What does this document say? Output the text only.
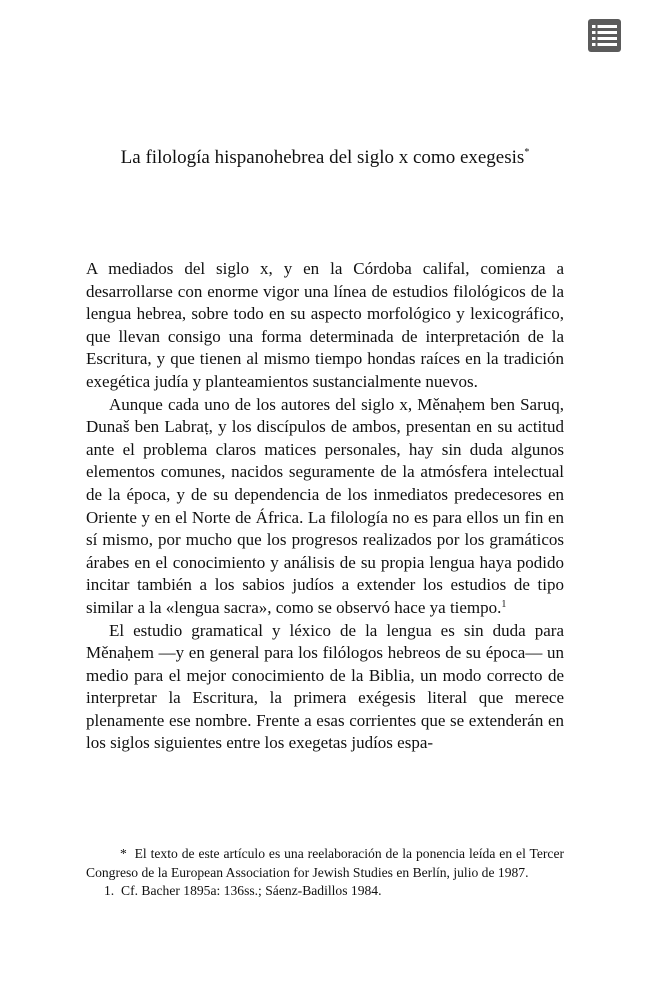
La filología hispanohebrea del siglo x como exegesis*

A mediados del siglo x, y en la Córdoba califal, comienza a desarrollarse con enorme vigor una línea de estudios filológicos de la lengua hebrea, sobre todo en su aspecto morfológico y lexicográfico, que llevan consigo una forma determinada de interpretación de la Escritura, y que tienen al mismo tiempo hondas raíces en la tradición exegética judía y planteamientos sustancialmente nuevos.

Aunque cada uno de los autores del siglo x, Měnaḥem ben Saruq, Dunaš ben Labraṭ, y los discípulos de ambos, presentan en su actitud ante el problema claros matices personales, hay sin duda algunos elementos comunes, nacidos seguramente de la atmósfera intelectual de la época, y de su dependencia de los inmediatos predecesores en Oriente y en el Norte de África. La filología no es para ellos un fin en sí mismo, por mucho que los progresos realizados por los gramáticos árabes en el conocimiento y análisis de su propia lengua haya podido incitar también a los sabios judíos a extender los estudios de tipo similar a la «lengua sacra», como se observó hace ya tiempo.$^1$

El estudio gramatical y léxico de la lengua es sin duda para Měnaḥem —y en general para los filólogos hebreos de su época— un medio para el mejor conocimiento de la Biblia, un modo correcto de interpretar la Escritura, la primera exégesis literal que merece plenamente ese nombre. Frente a esas corrientes que se extenderán en los siglos siguientes entre los exegetas judíos espa-

* El texto de este artículo es una reelaboración de la ponencia leída en el Tercer Congreso de la European Association for Jewish Studies en Berlín, julio de 1987.

1. Cf. Bacher 1895a: 136ss.; Sáenz-Badillos 1984.
